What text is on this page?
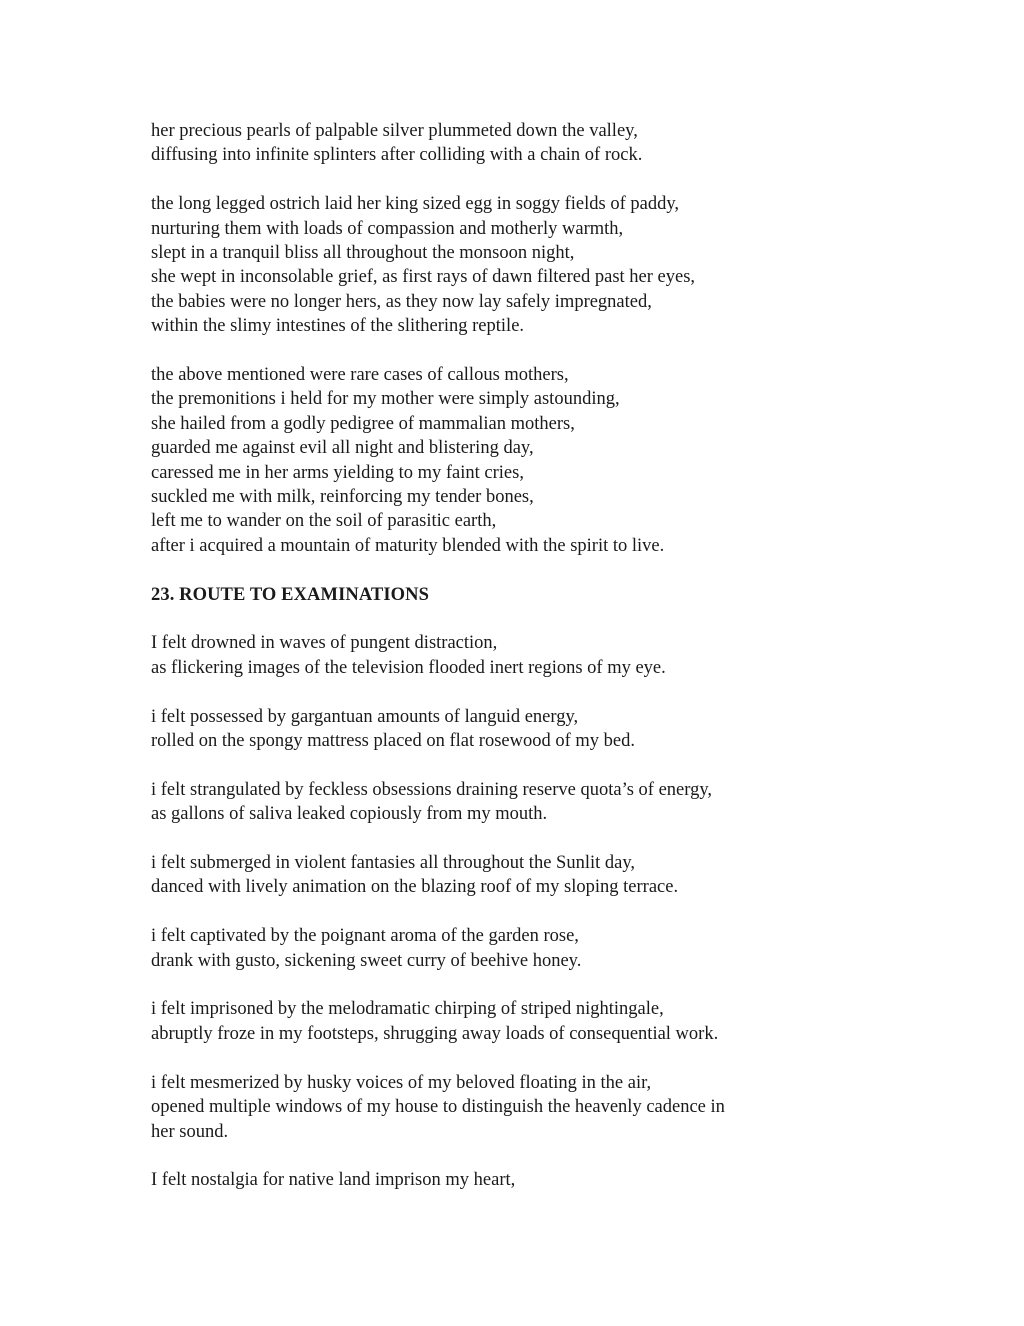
her precious pearls of palpable silver plummeted down the valley,
diffusing into infinite splinters after colliding with a chain of rock.
the long legged ostrich laid her king sized egg in soggy fields of paddy,
nurturing them with loads of compassion and motherly warmth,
slept in a tranquil bliss all throughout the monsoon night,
she wept in inconsolable grief, as first rays of dawn filtered past her eyes,
the babies were no longer hers, as they now lay safely impregnated,
within the slimy intestines of the slithering reptile.
the above mentioned were rare cases of callous mothers,
the premonitions i held for my mother were simply astounding,
she hailed from a godly pedigree of mammalian mothers,
guarded me against evil all night and blistering day,
caressed me in her arms yielding to my faint cries,
suckled me with milk, reinforcing my tender bones,
left me to wander on the soil of parasitic earth,
after i acquired a mountain of maturity blended with the spirit to live.
23. ROUTE TO EXAMINATIONS
I felt drowned in waves of pungent distraction,
as flickering images of the television flooded inert regions of my eye.
i felt possessed by gargantuan amounts of languid energy,
rolled on the spongy mattress placed on flat rosewood of my bed.
i felt strangulated by feckless obsessions draining reserve quota’s of energy,
as gallons of saliva leaked copiously from my mouth.
i felt submerged in violent fantasies all throughout the Sunlit day,
danced with lively animation on the blazing roof of my sloping terrace.
i felt captivated by the poignant aroma of the garden rose,
drank with gusto, sickening sweet curry of beehive honey.
i felt imprisoned by the melodramatic chirping of striped nightingale,
abruptly froze in my footsteps, shrugging away loads of consequential work.
i felt mesmerized by husky voices of my beloved floating in the air,
opened multiple windows of my house to distinguish the heavenly cadence in
her sound.
I felt nostalgia for native land imprison my heart,
